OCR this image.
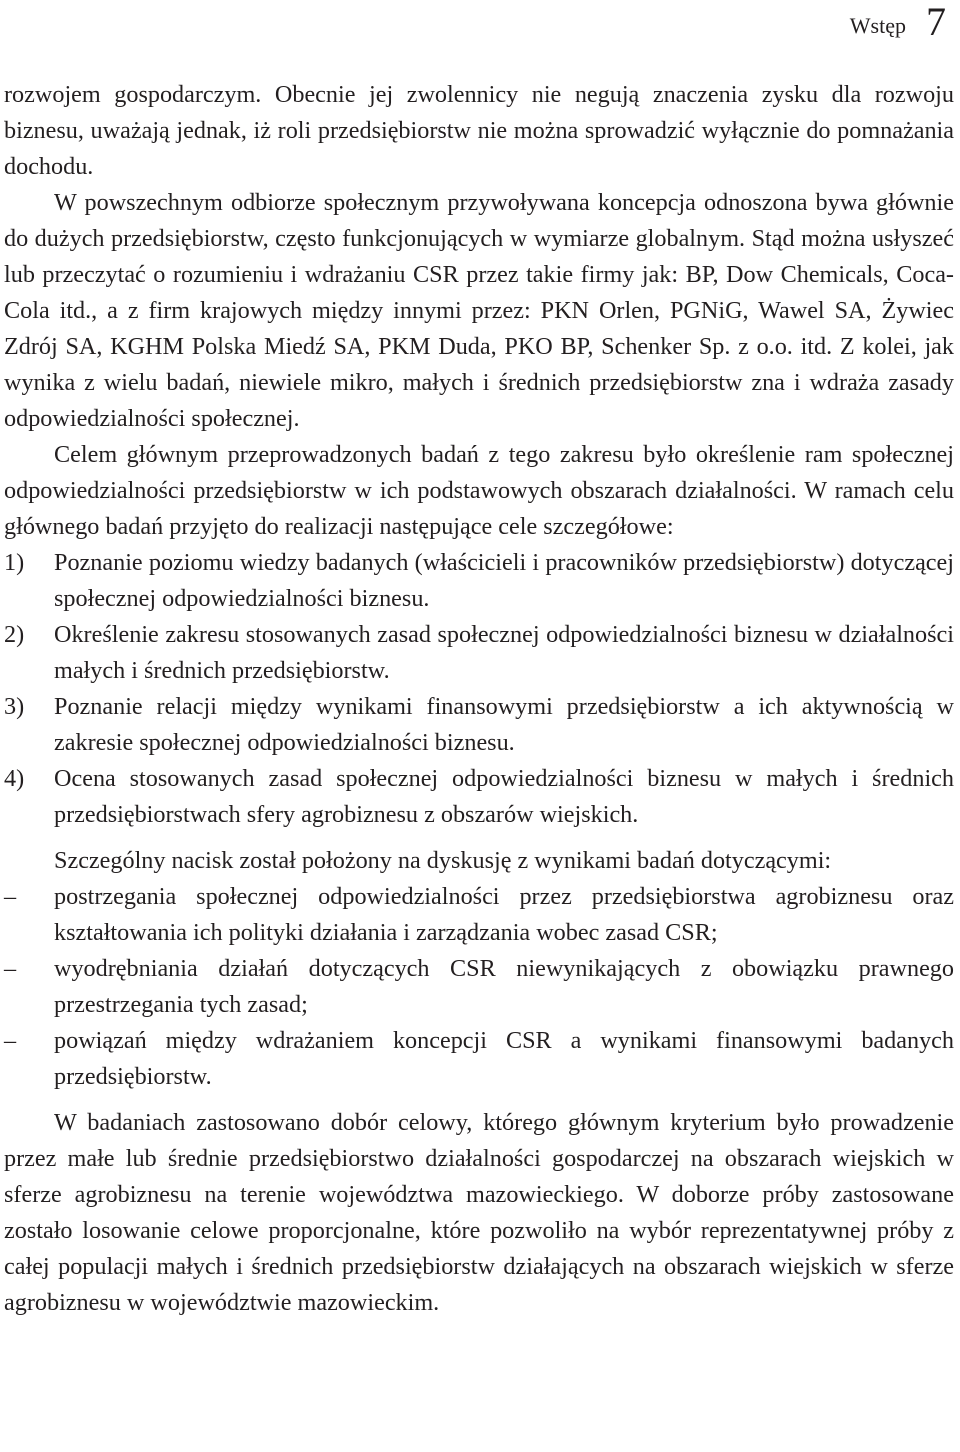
Wstęp 7

rozwojem gospodarczym. Obecnie jej zwolennicy nie negują znaczenia zysku dla rozwoju biznesu, uważają jednak, iż roli przedsiębiorstw nie można sprowadzić wyłącznie do pomnażania dochodu.

W powszechnym odbiorze społecznym przywoływana koncepcja odnoszona bywa głównie do dużych przedsiębiorstw, często funkcjonujących w wymiarze globalnym. Stąd można usłyszeć lub przeczytać o rozumieniu i wdrażaniu CSR przez takie firmy jak: BP, Dow Chemicals, Coca-Cola itd., a z firm krajowych między innymi przez: PKN Orlen, PGNiG, Wawel SA, Żywiec Zdrój SA, KGHM Polska Miedź SA, PKM Duda, PKO BP, Schenker Sp. z o.o. itd. Z kolei, jak wynika z wielu badań, niewiele mikro, małych i średnich przedsiębiorstw zna i wdraża zasady odpowiedzialności społecznej.

Celem głównym przeprowadzonych badań z tego zakresu było określenie ram społecznej odpowiedzialności przedsiębiorstw w ich podstawowych obszarach działalności. W ramach celu głównego badań przyjęto do realizacji następujące cele szczegółowe:

1) Poznanie poziomu wiedzy badanych (właścicieli i pracowników przedsiębiorstw) dotyczącej społecznej odpowiedzialności biznesu.
2) Określenie zakresu stosowanych zasad społecznej odpowiedzialności biznesu w działalności małych i średnich przedsiębiorstw.
3) Poznanie relacji między wynikami finansowymi przedsiębiorstw a ich aktywnością w zakresie społecznej odpowiedzialności biznesu.
4) Ocena stosowanych zasad społecznej odpowiedzialności biznesu w małych i średnich przedsiębiorstwach sfery agrobiznesu z obszarów wiejskich.

Szczególny nacisk został położony na dyskusję z wynikami badań dotyczącymi:

– postrzegania społecznej odpowiedzialności przez przedsiębiorstwa agrobiznesu oraz kształtowania ich polityki działania i zarządzania wobec zasad CSR;
– wyodrębniania działań dotyczących CSR niewynikających z obowiązku prawnego przestrzegania tych zasad;
– powiązań między wdrażaniem koncepcji CSR a wynikami finansowymi badanych przedsiębiorstw.

W badaniach zastosowano dobór celowy, którego głównym kryterium było prowadzenie przez małe lub średnie przedsiębiorstwo działalności gospodarczej na obszarach wiejskich w sferze agrobiznesu na terenie województwa mazowieckiego. W doborze próby zastosowane zostało losowanie celowe proporcjonalne, które pozwoliło na wybór reprezentatywnej próby z całej populacji małych i średnich przedsiębiorstw działających na obszarach wiejskich w sferze agrobiznesu w województwie mazowieckim.
